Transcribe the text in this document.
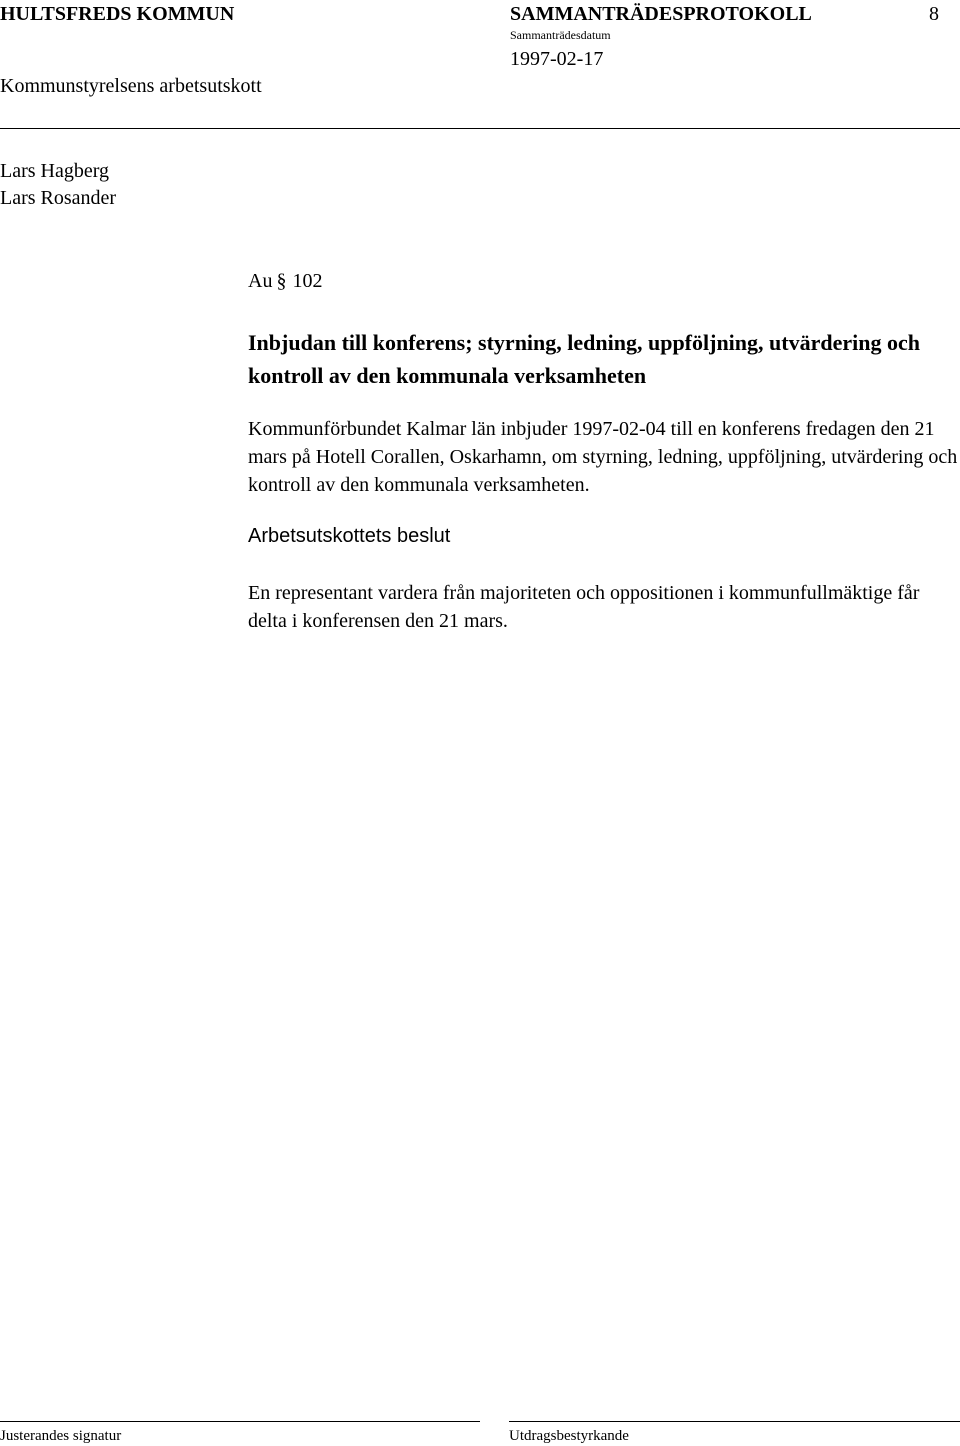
HULTSFREDS KOMMUN
Kommunstyrelsens arbetsutskott
SAMMANTRÄDESPROTOKOLL	8
Sammanträdesdatum
1997-02-17
Lars Hagberg
Lars Rosander
Au § 102
Inbjudan till konferens; styrning, ledning, uppföljning, utvärdering och kontroll av den kommunala verksamheten
Kommunförbundet Kalmar län inbjuder 1997-02-04 till en konferens fredagen den 21 mars på Hotell Corallen, Oskarhamn, om styrning, ledning, uppföljning, utvärdering och kontroll av den kommunala verksamheten.
Arbetsutskottets beslut
En representant vardera från majoriteten och oppositionen i kommunfullmäktige får delta i konferensen den 21 mars.
Justerandes signatur	Utdragsbestyrkande
